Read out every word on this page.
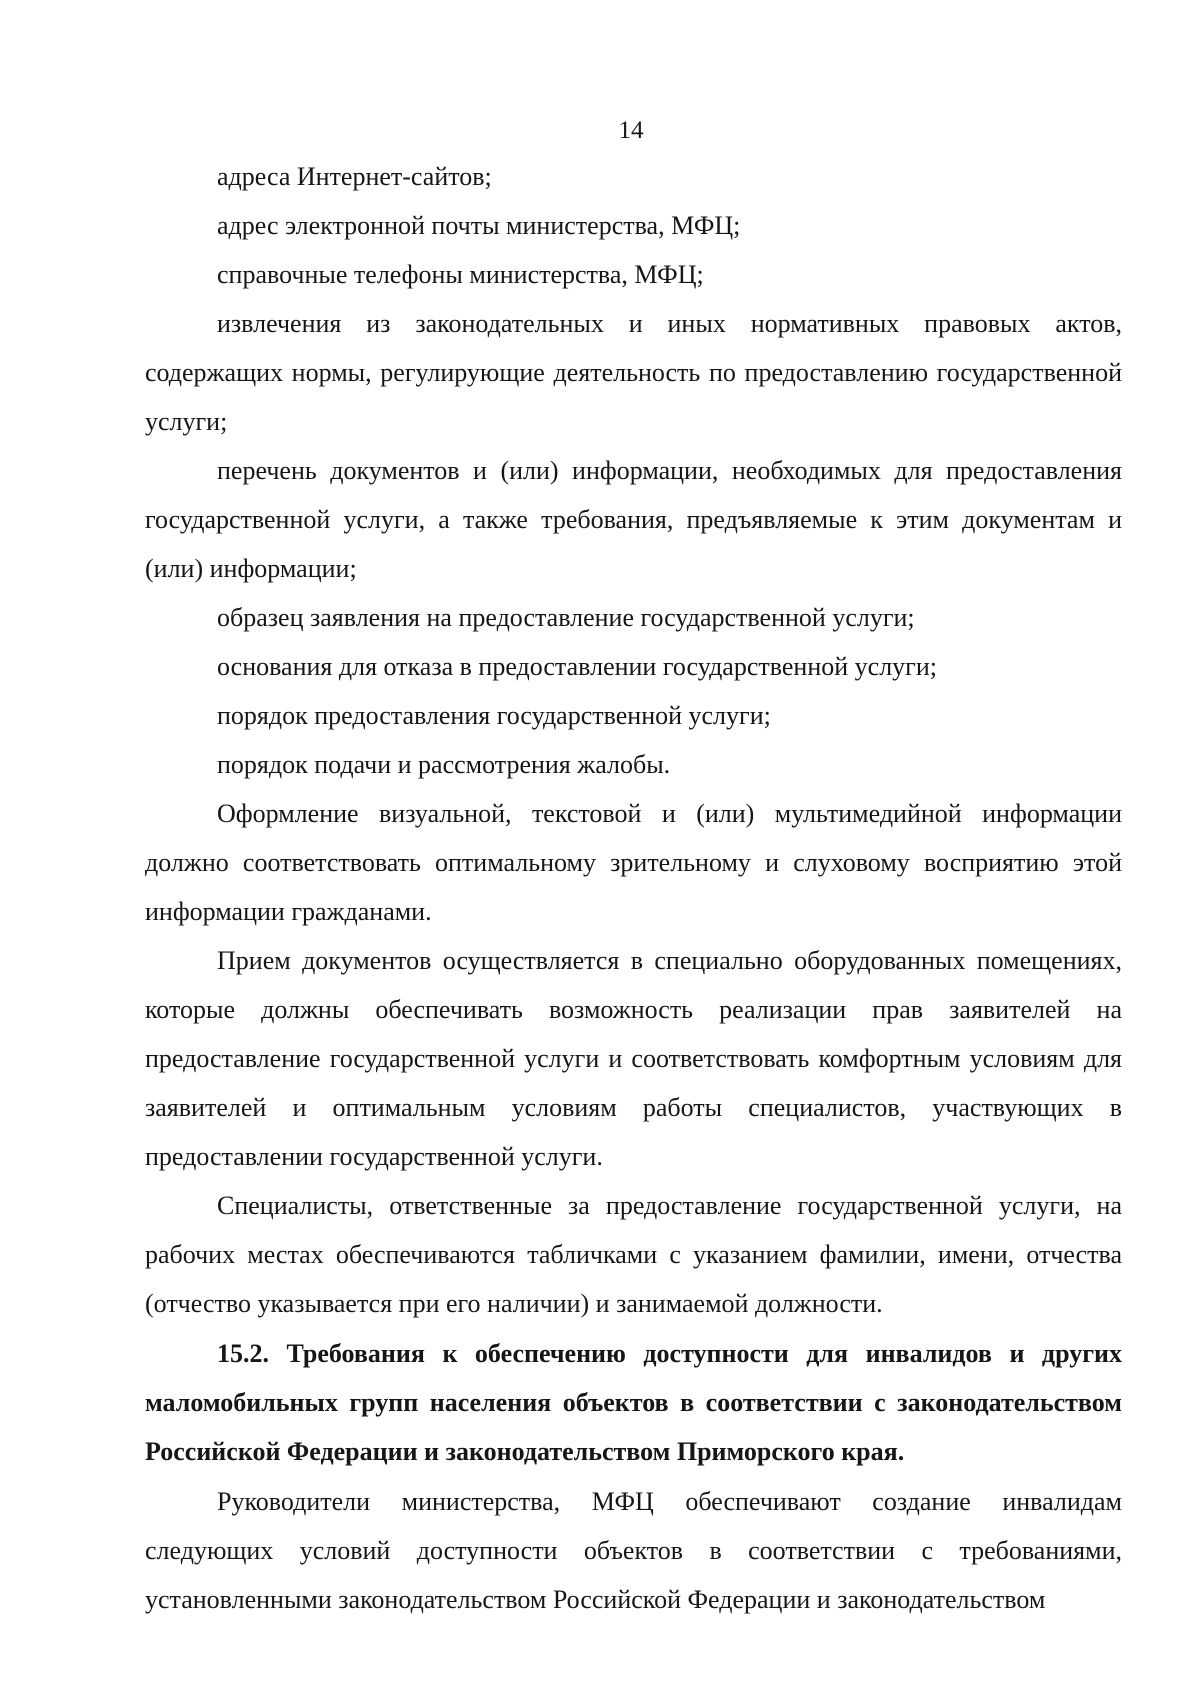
14

адреса Интернет-сайтов;

адрес электронной почты министерства, МФЦ;

справочные телефоны министерства, МФЦ;

извлечения из законодательных и иных нормативных правовых актов, содержащих нормы, регулирующие деятельность по предоставлению государственной услуги;

перечень документов и (или) информации, необходимых для предоставления государственной услуги, а также требования, предъявляемые к этим документам и (или) информации;

образец заявления на предоставление государственной услуги;

основания для отказа в предоставлении государственной услуги;

порядок предоставления государственной услуги;

порядок подачи и рассмотрения жалобы.

Оформление визуальной, текстовой и (или) мультимедийной информации должно соответствовать оптимальному зрительному и слуховому восприятию этой информации гражданами.

Прием документов осуществляется в специально оборудованных помещениях, которые должны обеспечивать возможность реализации прав заявителей на предоставление государственной услуги и соответствовать комфортным условиям для заявителей и оптимальным условиям работы специалистов, участвующих в предоставлении государственной услуги.

Специалисты, ответственные за предоставление государственной услуги, на рабочих местах обеспечиваются табличками с указанием фамилии, имени, отчества (отчество указывается при его наличии) и занимаемой должности.

15.2. Требования к обеспечению доступности для инвалидов и других маломобильных групп населения объектов в соответствии с законодательством Российской Федерации и законодательством Приморского края.

Руководители министерства, МФЦ обеспечивают создание инвалидам следующих условий доступности объектов в соответствии с требованиями, установленными законодательством Российской Федерации и законодательством
